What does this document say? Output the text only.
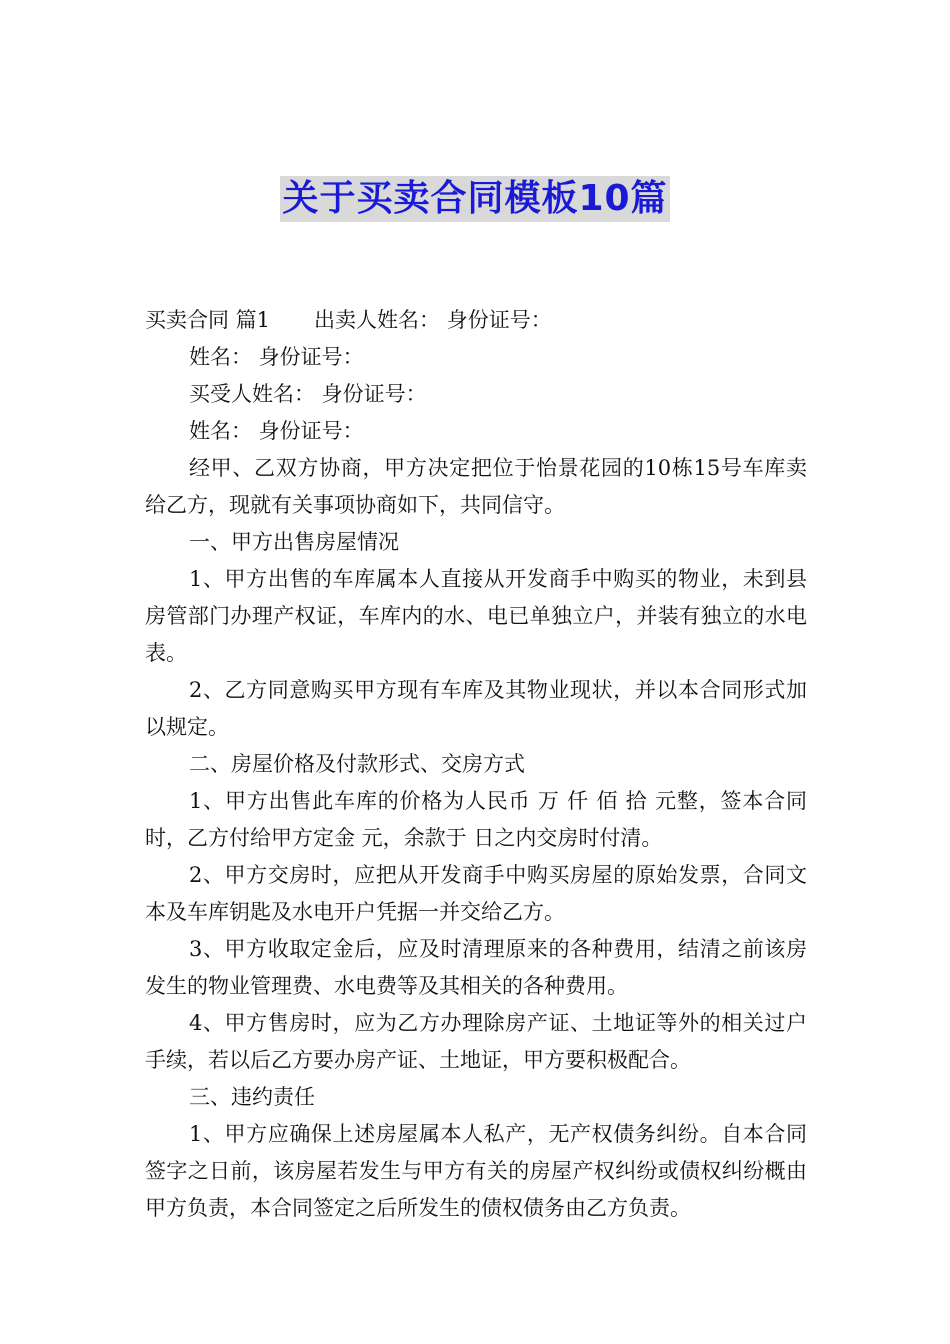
关于买卖合同模板10篇

买卖合同 篇1 出卖人姓名： 身份证号：

姓名： 身份证号：

买受人姓名： 身份证号：

姓名： 身份证号：

经甲、乙双方协商，甲方决定把位于怡景花园的10栋15号车库卖给乙方，现就有关事项协商如下，共同信守。

一、甲方出售房屋情况

1、甲方出售的车库属本人直接从开发商手中购买的物业，未到县房管部门办理产权证，车库内的水、电已单独立户，并装有独立的水电表。

2、乙方同意购买甲方现有车库及其物业现状，并以本合同形式加以规定。

二、房屋价格及付款形式、交房方式

1、甲方出售此车库的价格为人民币 万 仟 佰 拾 元整，签本合同时，乙方付给甲方定金 元，余款于 日之内交房时付清。

2、甲方交房时，应把从开发商手中购买房屋的原始发票，合同文本及车库钥匙及水电开户凭据一并交给乙方。

3、甲方收取定金后，应及时清理原来的各种费用，结清之前该房发生的物业管理费、水电费等及其相关的各种费用。

4、甲方售房时，应为乙方办理除房产证、土地证等外的相关过户手续，若以后乙方要办房产证、土地证，甲方要积极配合。

三、违约责任

1、甲方应确保上述房屋属本人私产，无产权债务纠纷。自本合同签字之日前，该房屋若发生与甲方有关的房屋产权纠纷或债权纠纷概由甲方负责，本合同签定之后所发生的债权债务由乙方负责。
